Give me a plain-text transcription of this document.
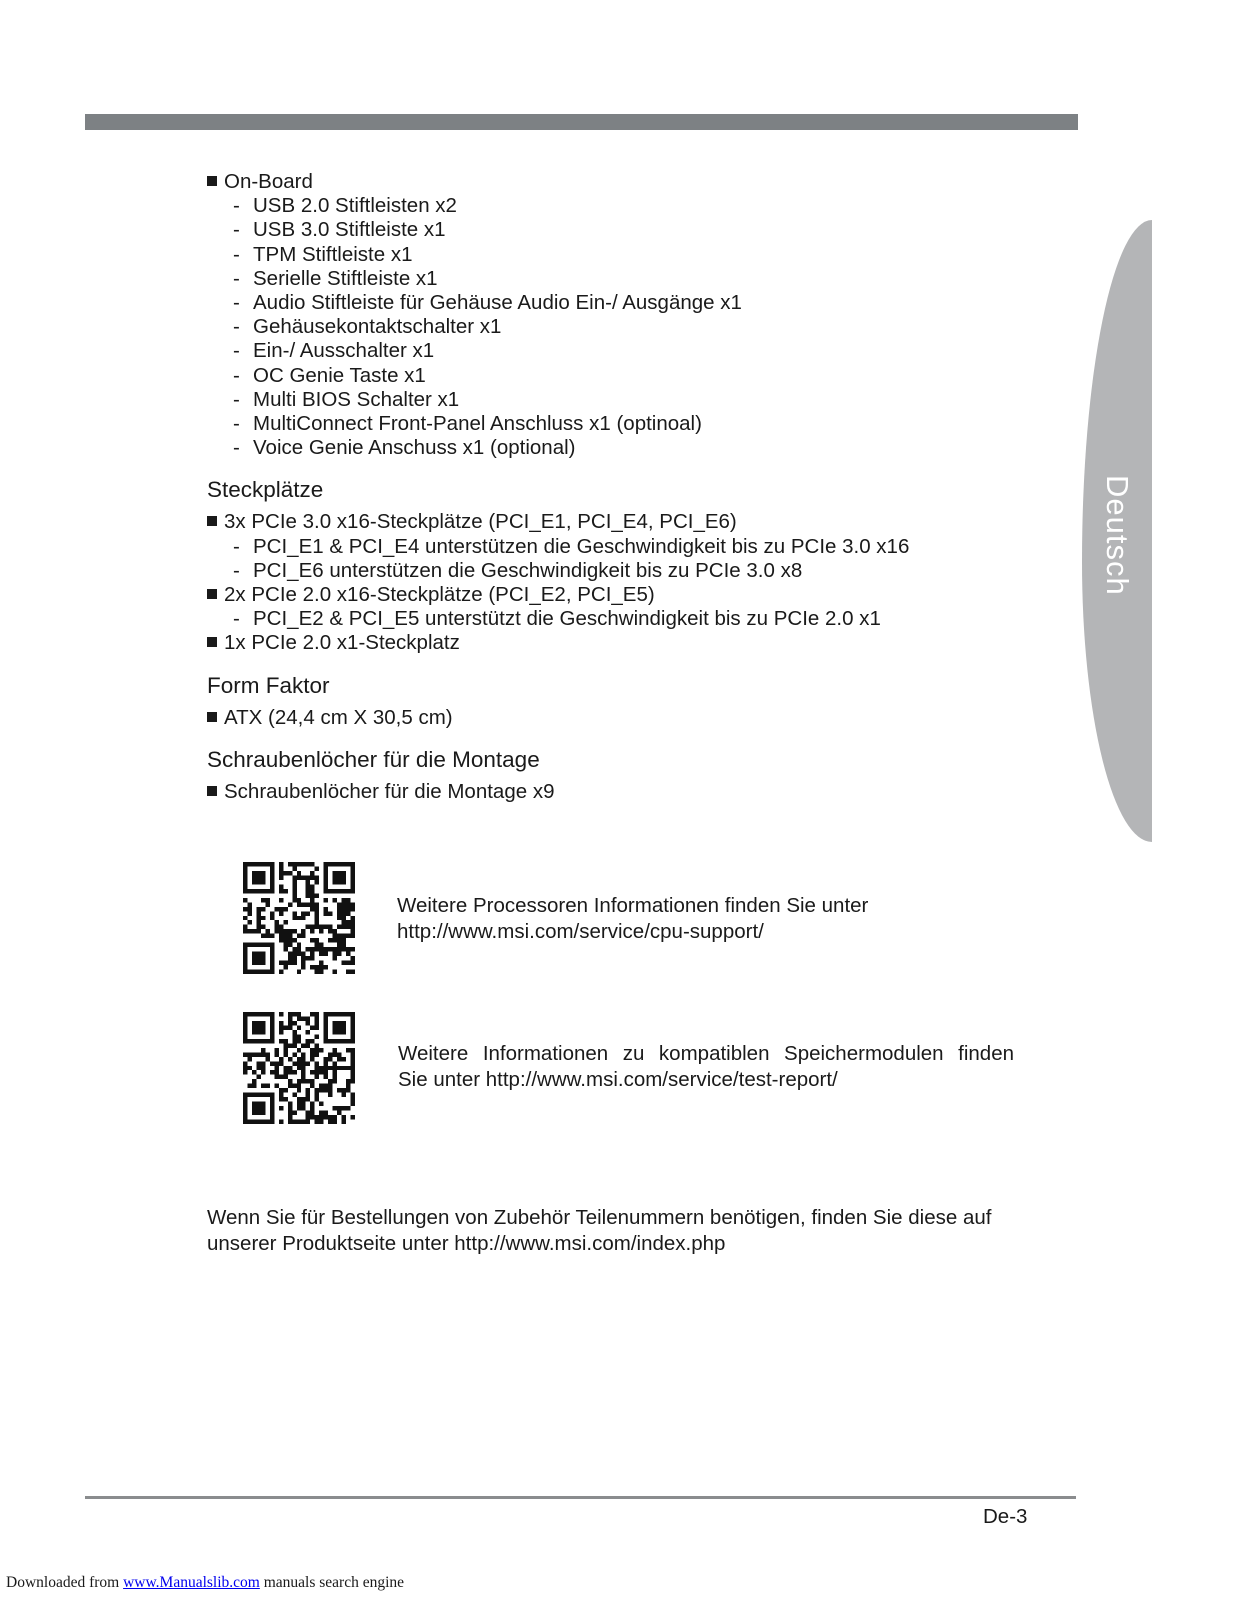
Deutsch
On-Board
- USB 2.0 Stiftleisten x2
- USB 3.0 Stiftleiste x1
- TPM Stiftleiste x1
- Serielle Stiftleiste x1
- Audio Stiftleiste für Gehäuse Audio Ein-/ Ausgänge x1
- Gehäusekontaktschalter x1
- Ein-/ Ausschalter x1
- OC Genie Taste x1
- Multi BIOS Schalter x1
- MultiConnect Front-Panel Anschluss x1 (optinoal)
- Voice Genie Anschuss x1 (optional)
Steckplätze
3x PCIe 3.0 x16-Steckplätze (PCI_E1, PCI_E4, PCI_E6)
- PCI_E1 & PCI_E4 unterstützen die Geschwindigkeit bis zu PCIe 3.0 x16
- PCI_E6 unterstützen die Geschwindigkeit bis zu PCIe 3.0 x8
2x PCIe 2.0 x16-Steckplätze (PCI_E2, PCI_E5)
- PCI_E2 & PCI_E5 unterstützt die Geschwindigkeit bis zu PCIe 2.0 x1
1x PCIe 2.0 x1-Steckplatz
Form Faktor
ATX (24,4 cm X 30,5 cm)
Schraubenlöcher für die Montage
Schraubenlöcher für die Montage x9
Weitere Processoren Informationen finden Sie unter
http://www.msi.com/service/cpu-support/
Weitere Informationen zu kompatiblen Speichermodulen finden
Sie unter http://www.msi.com/service/test-report/
Wenn Sie für Bestellungen von Zubehör Teilenummern benötigen, finden Sie diese auf
unserer Produktseite unter http://www.msi.com/index.php
De-3
Downloaded from www.Manualslib.com manuals search engine
